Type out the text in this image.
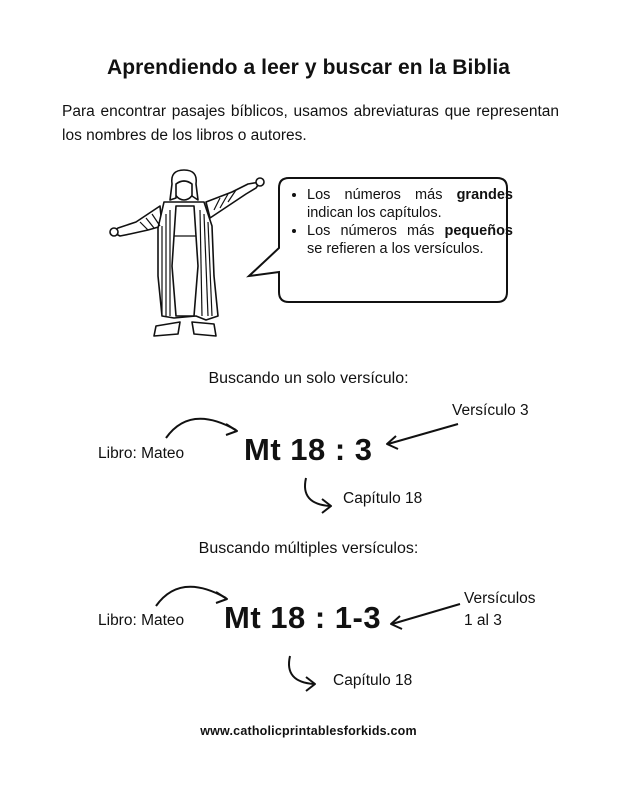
Aprendiendo a leer y buscar en la Biblia
Para encontrar pasajes bíblicos, usamos abreviaturas que representan los nombres de los libros o autores.
• Los números más grandes indican los capítulos.
• Los números más pequeños se refieren a los versículos.
Buscando un solo versículo:
Libro: Mateo Mt 18 : 3
Versículo 3
Capítulo 18
Buscando múltiples versículos:
Libro: Mateo Mt 18 : 1-3
Versículos
1 al 3
Capítulo 18
www.catholicprintablesforkids.com
